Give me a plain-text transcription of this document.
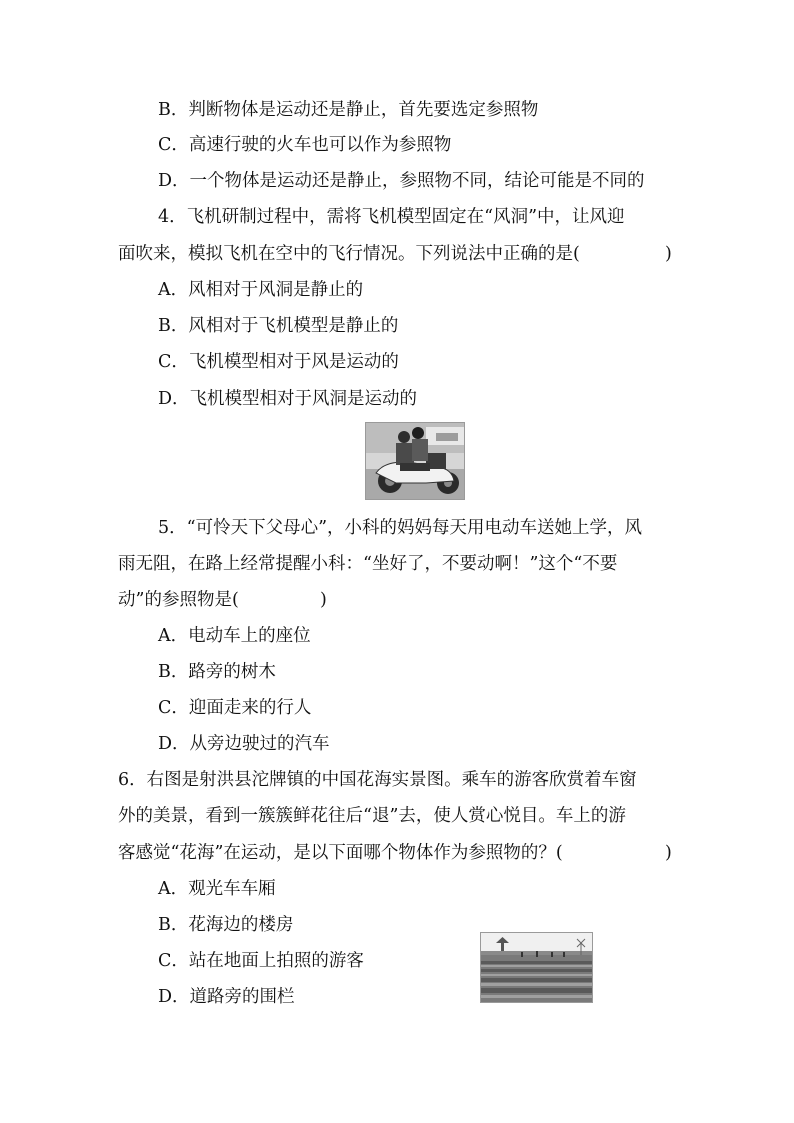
B．判断物体是运动还是静止，首先要选定参照物
C．高速行驶的火车也可以作为参照物
D．一个物体是运动还是静止，参照物不同，结论可能是不同的
4．飞机研制过程中，需将飞机模型固定在“风洞”中，让风迎
面吹来，模拟飞机在空中的飞行情况。下列说法中正确的是(	)
A．风相对于风洞是静止的
B．风相对于飞机模型是静止的
C．飞机模型相对于风是运动的
D．飞机模型相对于风洞是运动的
5．“可怜天下父母心”，小科的妈妈每天用电动车送她上学，风
雨无阻，在路上经常提醒小科：“坐好了，不要动啊！”这个“不要
动”的参照物是(	)
A．电动车上的座位
B．路旁的树木
C．迎面走来的行人
D．从旁边驶过的汽车
6．右图是射洪县沱牌镇的中国花海实景图。乘车的游客欣赏着车窗
外的美景，看到一簇簇鲜花往后“退”去，使人赏心悦目。车上的游
客感觉“花海”在运动，是以下面哪个物体作为参照物的？(	)
A．观光车车厢
B．花海边的楼房
C．站在地面上拍照的游客
D．道路旁的围栏
